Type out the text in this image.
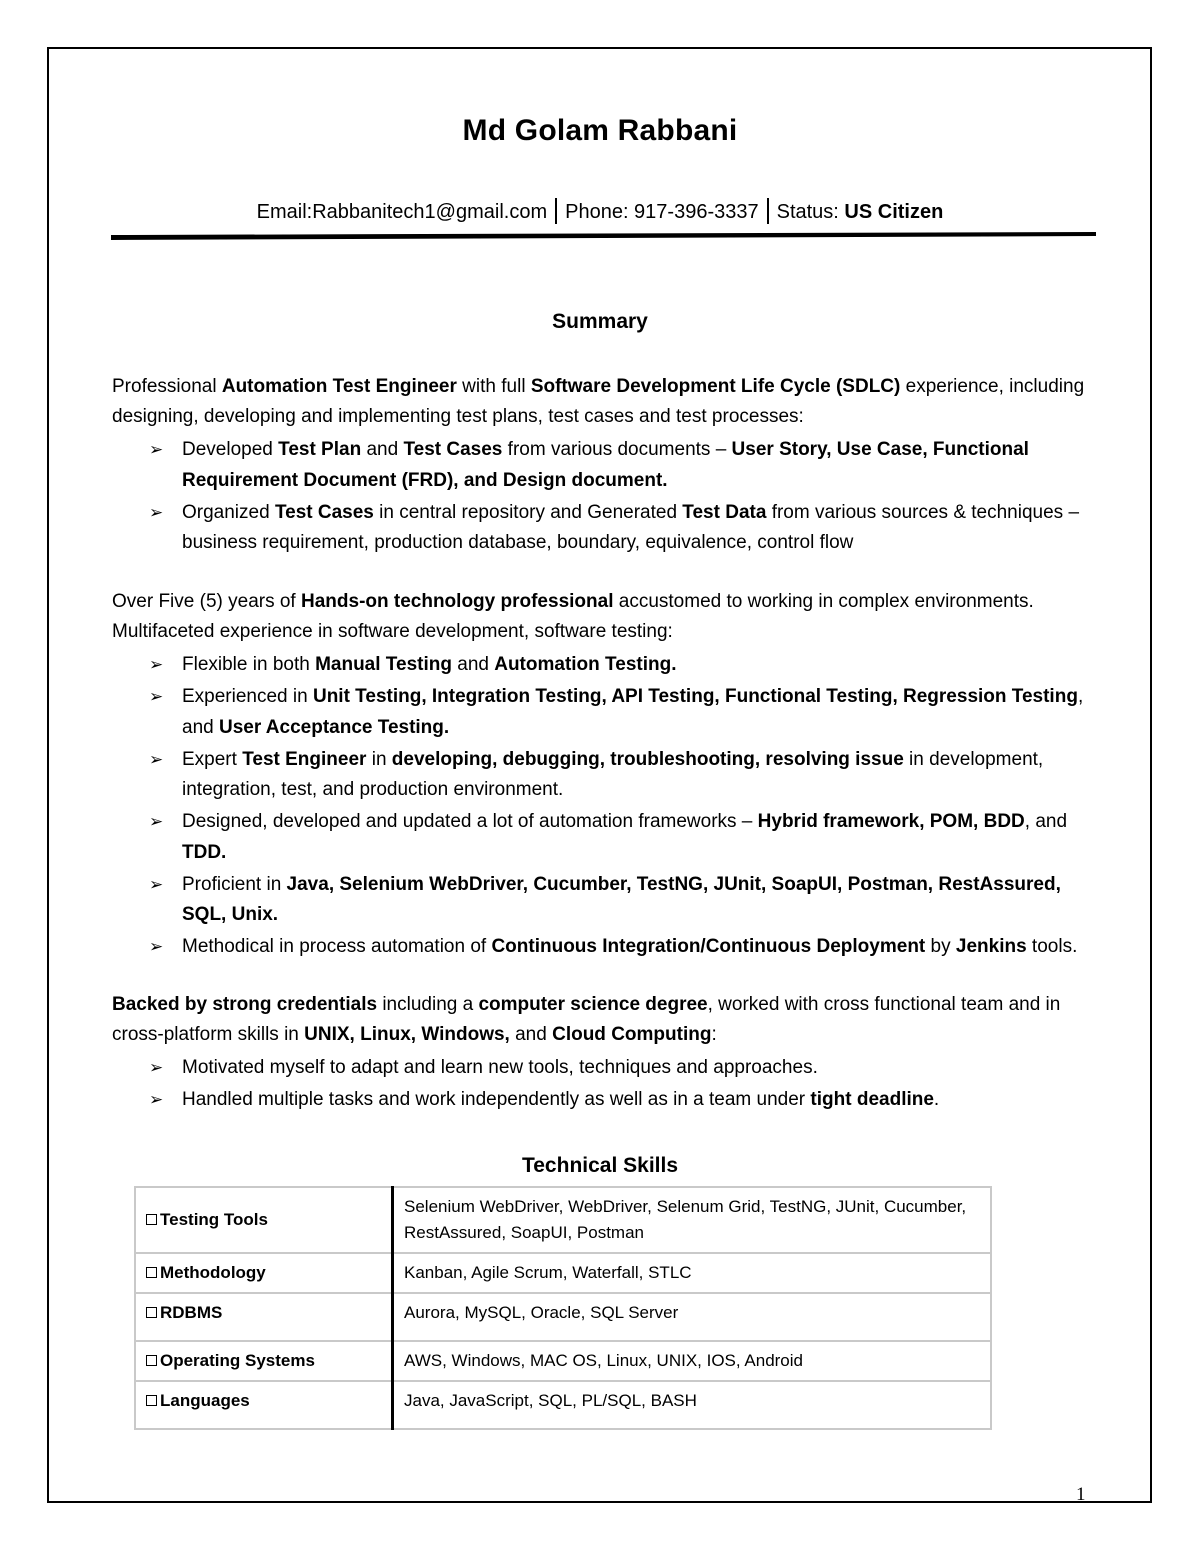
Md Golam Rabbani
Email:Rabbanitech1@gmail.com Phone: 917-396-3337 Status: US Citizen
Summary

Professional Automation Test Engineer with full Software Development Life Cycle (SDLC) experience, including designing, developing and implementing test plans, test cases and test processes:

➢ Developed Test Plan and Test Cases from various documents – User Story, Use Case, Functional Requirement Document (FRD), and Design document.
➢ Organized Test Cases in central repository and Generated Test Data from various sources & techniques – business requirement, production database, boundary, equivalence, control flow

Over Five (5) years of Hands-on technology professional accustomed to working in complex environments. Multifaceted experience in software development, software testing:

➢ Flexible in both Manual Testing and Automation Testing.
➢ Experienced in Unit Testing, Integration Testing, API Testing, Functional Testing, Regression Testing, and User Acceptance Testing.
➢ Expert Test Engineer in developing, debugging, troubleshooting, resolving issue in development, integration, test, and production environment.
➢ Designed, developed and updated a lot of automation frameworks – Hybrid framework, POM, BDD, and TDD.
➢ Proficient in Java, Selenium WebDriver, Cucumber, TestNG, JUnit, SoapUI, Postman, RestAssured, SQL, Unix.
➢ Methodical in process automation of Continuous Integration/Continuous Deployment by Jenkins tools.

Backed by strong credentials including a computer science degree, worked with cross functional team and in cross-platform skills in UNIX, Linux, Windows, and Cloud Computing:

➢ Motivated myself to adapt and learn new tools, techniques and approaches.
➢ Handled multiple tasks and work independently as well as in a team under tight deadline.
Technical Skills
Testing Tools	Selenium WebDriver, WebDriver, Selenum Grid, TestNG, JUnit, Cucumber, RestAssured, SoapUI, Postman
Methodology	Kanban, Agile Scrum, Waterfall, STLC
RDBMS	Aurora, MySQL, Oracle, SQL Server
Operating Systems	AWS, Windows, MAC OS, Linux, UNIX, IOS, Android
Languages	Java, JavaScript, SQL, PL/SQL, BASH
1
